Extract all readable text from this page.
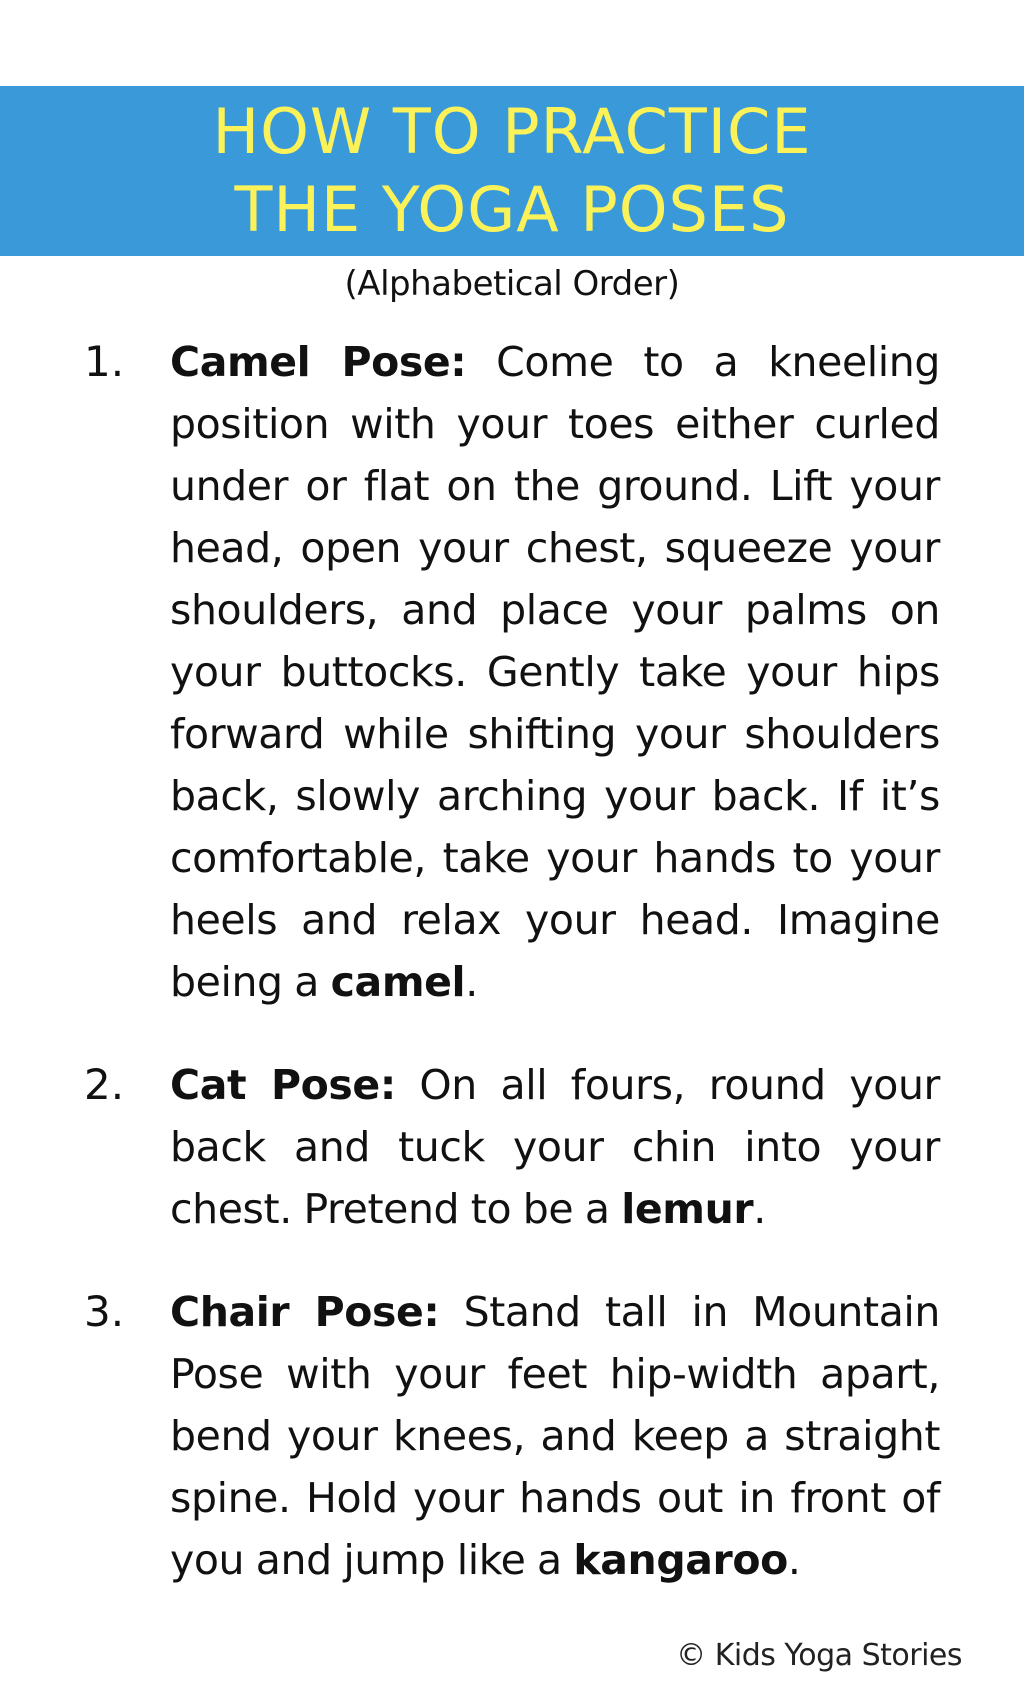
HOW TO PRACTICE
THE YOGA POSES
(Alphabetical Order)
1. Camel Pose: Come to a kneeling position with your toes either curled under or flat on the ground. Lift your head, open your chest, squeeze your shoulders, and place your palms on your buttocks. Gently take your hips forward while shifting your shoulders back, slowly arching your back. If it’s comfortable, take your hands to your heels and relax your head. Imagine being a camel.
2. Cat Pose: On all fours, round your back and tuck your chin into your chest. Pretend to be a lemur.
3. Chair Pose: Stand tall in Mountain Pose with your feet hip-width apart, bend your knees, and keep a straight spine. Hold your hands out in front of you and jump like a kangaroo.
© Kids Yoga Stories
